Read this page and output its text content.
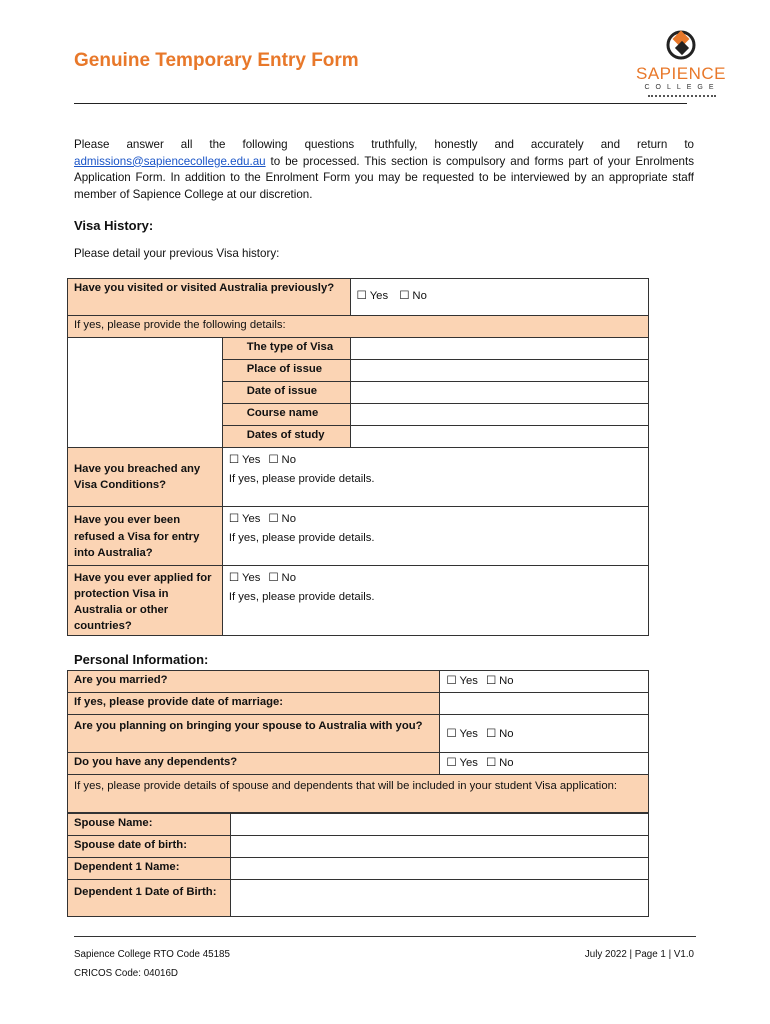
Genuine Temporary Entry Form
SAPIENCE
COLLEGE
Please answer all the following questions truthfully, honestly and accurately and return to admissions@sapiencecollege.edu.au to be processed. This section is compulsory and forms part of your Enrolments Application Form. In addition to the Enrolment Form you may be requested to be interviewed by an appropriate staff member of Sapience College at our discretion.
Visa History:
Please detail your previous Visa history:
Have you visited or visited Australia previously?		☐ Yes ☐ No
If yes, please provide the following details:		
	The type of Visa	
	Place of issue	
	Date of issue	
	Course name	
	Dates of study	
Have you breached any Visa Conditions?	☐ Yes ☐ No
If yes, please provide details.

Have you ever been refused a Visa for entry into Australia?	☐ Yes ☐ No
If yes, please provide details.

Have you ever applied for protection Visa in Australia or other countries?	☐ Yes ☐ No
If yes, please provide details.
Personal Information:
Are you married?	☐ Yes ☐ No
If yes, please provide date of marriage:	
Are you planning on bringing your spouse to Australia with you?	☐ Yes ☐ No
Do you have any dependents?	☐ Yes ☐ No
If yes, please provide details of spouse and dependents that will be included in your student Visa application:	
Spouse Name:	
Spouse date of birth:	
Dependent 1 Name:	
Dependent 1 Date of Birth:	
Sapience College RTO Code 45185
CRICOS Code: 04016D
July 2022 | Page 1 | V1.0
